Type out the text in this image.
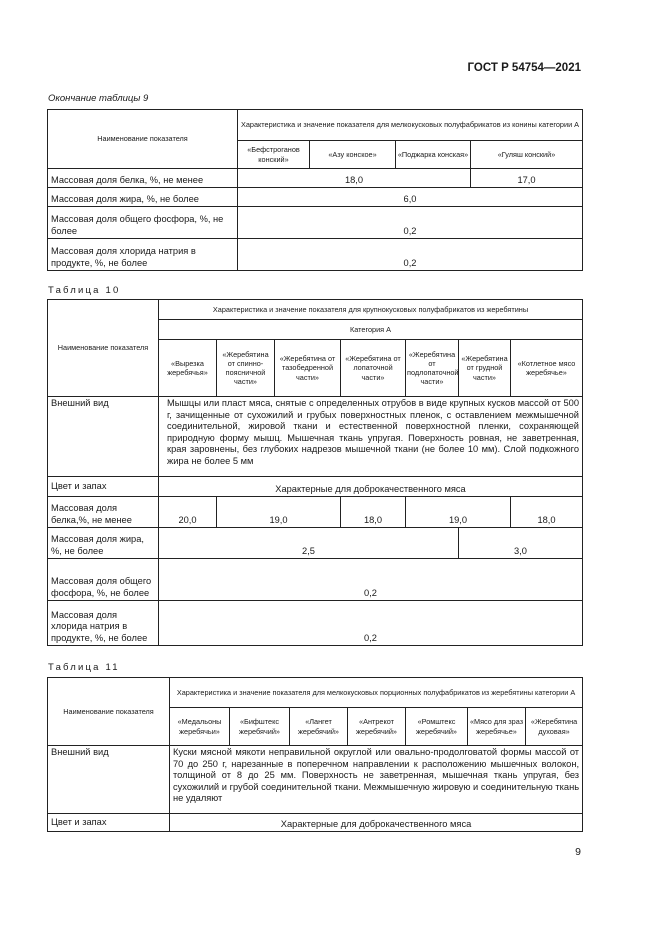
ГОСТ Р 54754—2021
Окончание таблицы 9
Наименование показателя	Характеристика и значение показателя для мелкокусковых полуфабрикатов из конины категории А			
	«Бефстроганов конский»	«Азу конское»	«Поджарка конская»	«Гуляш конский»
Массовая доля белка, %, не менее	18,0			17,0
Массовая доля жира, %, не более	6,0			
Массовая доля общего фосфора, %, не более	0,2			
Массовая доля хлорида натрия в продукте, %, не более	0,2			
Таблица 10
Наименование показателя	Характеристика и значение показателя для крупнокусковых полуфабрикатов из жеребятины						
	Категория А						
	«Вырезка жеребячья»	«Жеребятина от спинно-поясничной части»	«Жеребятина от тазобедренной части»	«Жеребятина от лопаточной части»	«Жеребятина от подлопаточной части»	«Жеребятина от грудной части»	«Котлетное мясо жеребячье»
Внешний вид	Мышцы или пласт мяса, снятые с определенных отрубов в виде крупных кусков массой от 500 г, зачищенные от сухожилий и грубых поверхностных пленок, с оставлением межмышечной соединительной, жировой ткани и естественной поверхностной пленки, сохраняющей природную форму мышц. Мышечная ткань упругая. Поверхность ровная, не заветренная, края заровнены, без глубоких надрезов мышечной ткани (не более 10 мм). Слой подкожного жира не более 5 мм						
Цвет и запах	Характерные для доброкачественного мяса						
Массовая доля белка,%, не менее	20,0	19,0		18,0	19,0		18,0
Массовая доля жира, %, не более	2,5					3,0	
Массовая доля общего фосфора, %, не более	0,2						
Массовая доля хлорида натрия в продукте, %, не более	0,2						
Таблица 11
Наименование показателя	Характеристика и значение показателя для мелкокусковых порционных полуфабрикатов из жеребятины категории А						
	«Медальоны жеребячьи»	«Бифштекс жеребячий»	«Лангет жеребячий»	«Антрекот жеребячий»	«Ромштекс жеребячий»	«Мясо для зраз жеребячье»	«Жеребятина духовая»
Внешний вид	Куски мясной мякоти неправильной округлой или овально-продолговатой формы массой от 70 до 250 г, нарезанные в поперечном направлении к расположению мышечных волокон, толщиной от 8 до 25 мм. Поверхность не заветренная, мышечная ткань упругая, без сухожилий и грубой соединительной ткани. Межмышечную жировую и соединительную ткань не удаляют						
Цвет и запах	Характерные для доброкачественного мяса						
9
